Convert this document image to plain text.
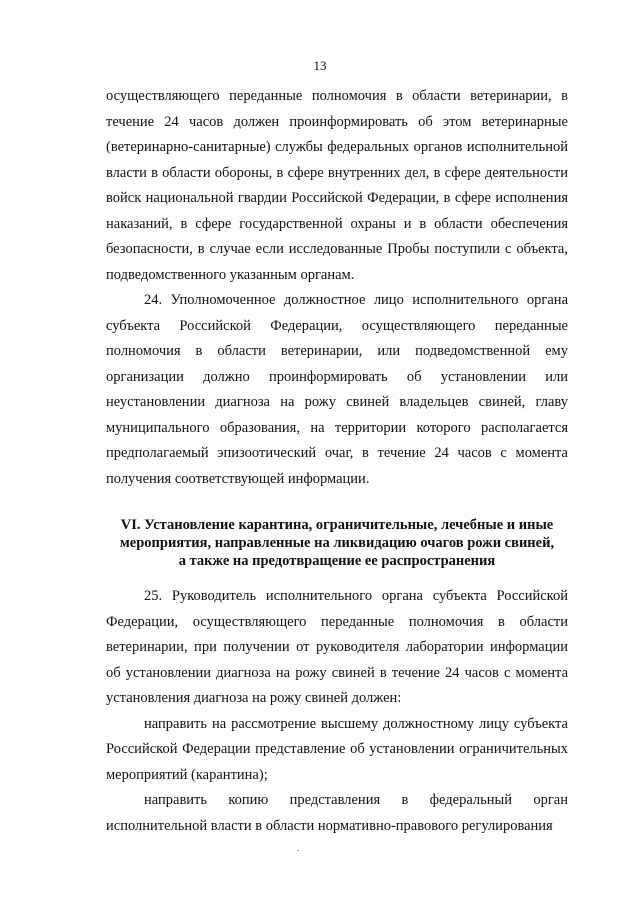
13

осуществляющего переданные полномочия в области ветеринарии, в течение 24 часов должен проинформировать об этом ветеринарные (ветеринарно-санитарные) службы федеральных органов исполнительной власти в области обороны, в сфере внутренних дел, в сфере деятельности войск национальной гвардии Российской Федерации, в сфере исполнения наказаний, в сфере государственной охраны и в области обеспечения безопасности, в случае если исследованные Пробы поступили с объекта, подведомственного указанным органам.

24. Уполномоченное должностное лицо исполнительного органа субъекта Российской Федерации, осуществляющего переданные полномочия в области ветеринарии, или подведомственной ему организации должно проинформировать об установлении или неустановлении диагноза на рожу свиней владельцев свиней, главу муниципального образования, на территории которого располагается предполагаемый эпизоотический очаг, в течение 24 часов с момента получения соответствующей информации.

VI. Установление карантина, ограничительные, лечебные и иные
мероприятия, направленные на ликвидацию очагов рожи свиней,
а также на предотвращение ее распространения

25. Руководитель исполнительного органа субъекта Российской Федерации, осуществляющего переданные полномочия в области ветеринарии, при получении от руководителя лаборатории информации об установлении диагноза на рожу свиней в течение 24 часов с момента установления диагноза на рожу свиней должен:

направить на рассмотрение высшему должностному лицу субъекта Российской Федерации представление об установлении ограничительных мероприятий (карантина);

направить копию представления в федеральный орган исполнительной власти в области нормативно-правового регулирования
